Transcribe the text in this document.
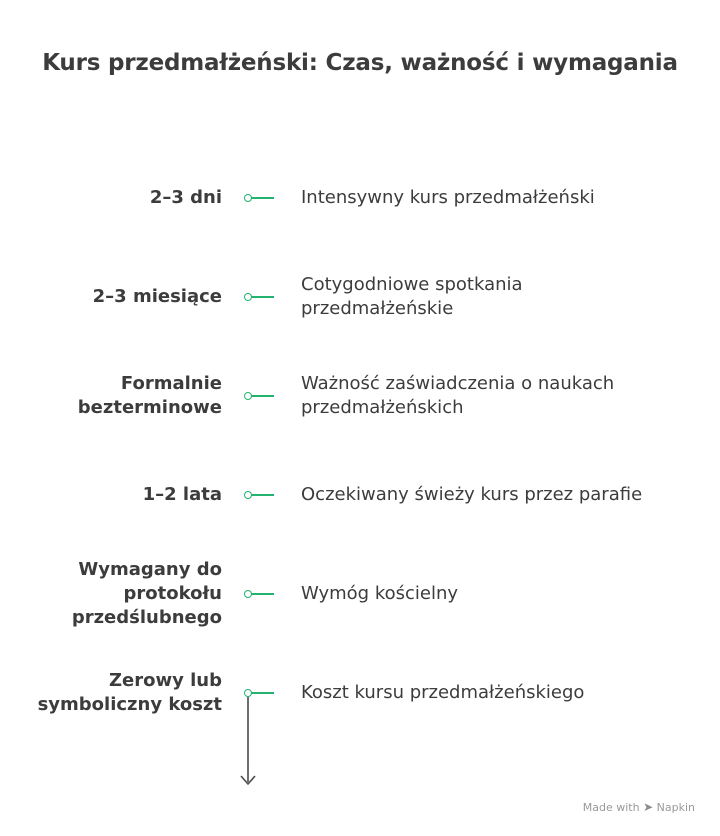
Kurs przedmałżeński: Czas, ważność i wymagania
2–3 dni	Intensywny kurs przedmałżeński
2–3 miesiące
Cotygodniowe spotkania przedmałżeńskie
Formalnie bezterminowe
Ważność zaświadczenia o naukach przedmałżeńskich
1–2 lata	Oczekiwany świeży kurs przez parafie
Wymagany do protokołu przedślubnego
Wymóg kościelny
Zerowy lub symboliczny koszt
Koszt kursu przedmałżeńskiego
Made with ➤ Napkin
